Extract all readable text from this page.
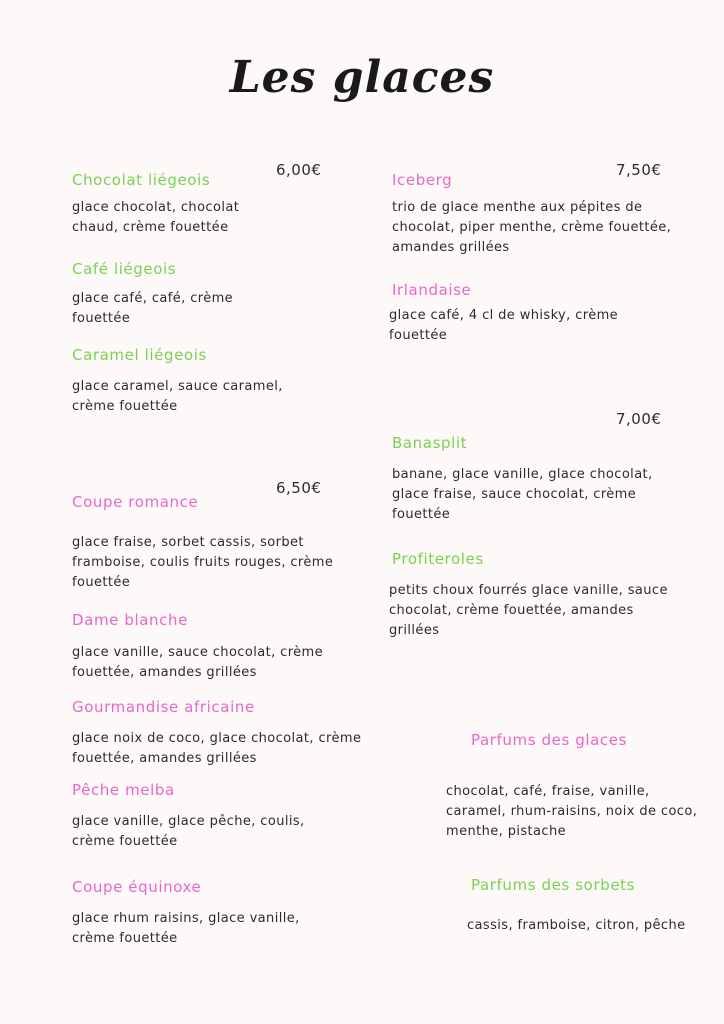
Les glaces
6,00€	7,50€
7,00€
6,50€
Chocolat liégeois
glace chocolat, chocolat chaud, crème fouettée
Café liégeois
glace café, café, crème fouettée
Caramel liégeois
glace caramel, sauce caramel, crème fouettée
Coupe romance
glace fraise, sorbet cassis, sorbet framboise, coulis fruits rouges, crème fouettée
Dame blanche
glace vanille, sauce chocolat, crème fouettée, amandes grillées
Gourmandise africaine
glace noix de coco, glace chocolat, crème fouettée, amandes grillées
Pêche melba
glace vanille, glace pêche, coulis, crème fouettée
Coupe équinoxe
glace rhum raisins, glace vanille, crème fouettée
Iceberg
trio de glace menthe aux pépites de chocolat, piper menthe, crème fouettée, amandes grillées
Irlandaise
glace café, 4 cl de whisky, crème fouettée
Banasplit
banane, glace vanille, glace chocolat, glace fraise, sauce chocolat, crème fouettée
Profiteroles
petits choux fourrés glace vanille, sauce chocolat, crème fouettée, amandes grillées
Parfums des glaces
chocolat, café, fraise, vanille, caramel, rhum-raisins, noix de coco, menthe, pistache
Parfums des sorbets
cassis, framboise, citron, pêche
